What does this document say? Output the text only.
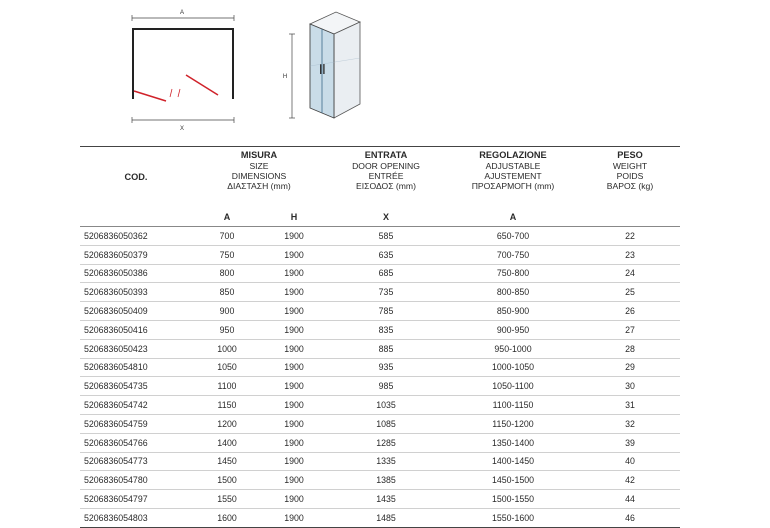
A
X
H
COD.	MISURA
SIZE
DIMENSIONS
ΔΙΑΣΤΑΣΗ (mm)		ENTRATA
DOOR OPENING
ENTRÉE
ΕΙΣΟΔΟΣ (mm)	REGOLAZIONE
ADJUSTABLE
AJUSTEMENT
ΠΡΟΣΑΡΜΟΓΗ (mm)	PESO
WEIGHT
POIDS
ΒΑΡΟΣ (kg)

	A	H	X	A	
5206836050362	700	1900	585	650-700	22
5206836050379	750	1900	635	700-750	23
5206836050386	800	1900	685	750-800	24
5206836050393	850	1900	735	800-850	25
5206836050409	900	1900	785	850-900	26
5206836050416	950	1900	835	900-950	27
5206836050423	1000	1900	885	950-1000	28
5206836054810	1050	1900	935	1000-1050	29
5206836054735	1100	1900	985	1050-1100	30
5206836054742	1150	1900	1035	1100-1150	31
5206836054759	1200	1900	1085	1150-1200	32
5206836054766	1400	1900	1285	1350-1400	39
5206836054773	1450	1900	1335	1400-1450	40
5206836054780	1500	1900	1385	1450-1500	42
5206836054797	1550	1900	1435	1500-1550	44
5206836054803	1600	1900	1485	1550-1600	46
